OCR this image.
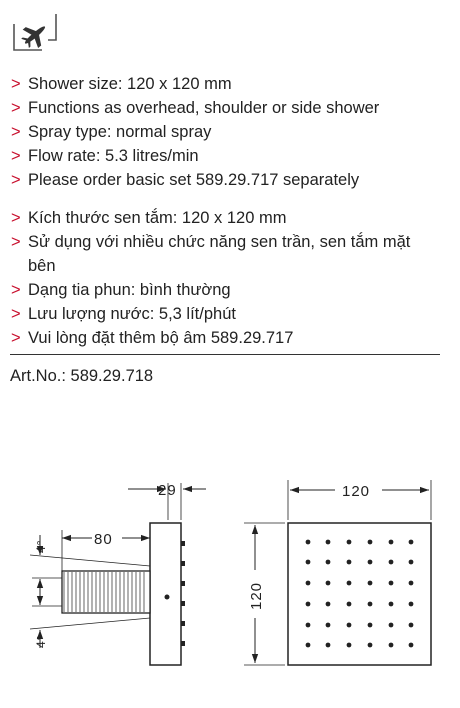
> Shower size: 120 x 120 mm
> Functions as overhead, shoulder or side shower
> Spray type: normal spray
> Flow rate: 5.3 litres/min
> Please order basic set 589.29.717 separately
> Kích thước sen tắm: 120 x 120 mm
> Sử dụng với nhiều chức năng sen trần, sen tắm mặt bên
> Dạng tia phun: bình thường
> Lưu lượng nước: 5,3 lít/phút
> Vui lòng đặt thêm bộ âm 589.29.717
Art.No.: 589.29.718
29
80
4°
4°
120
120
